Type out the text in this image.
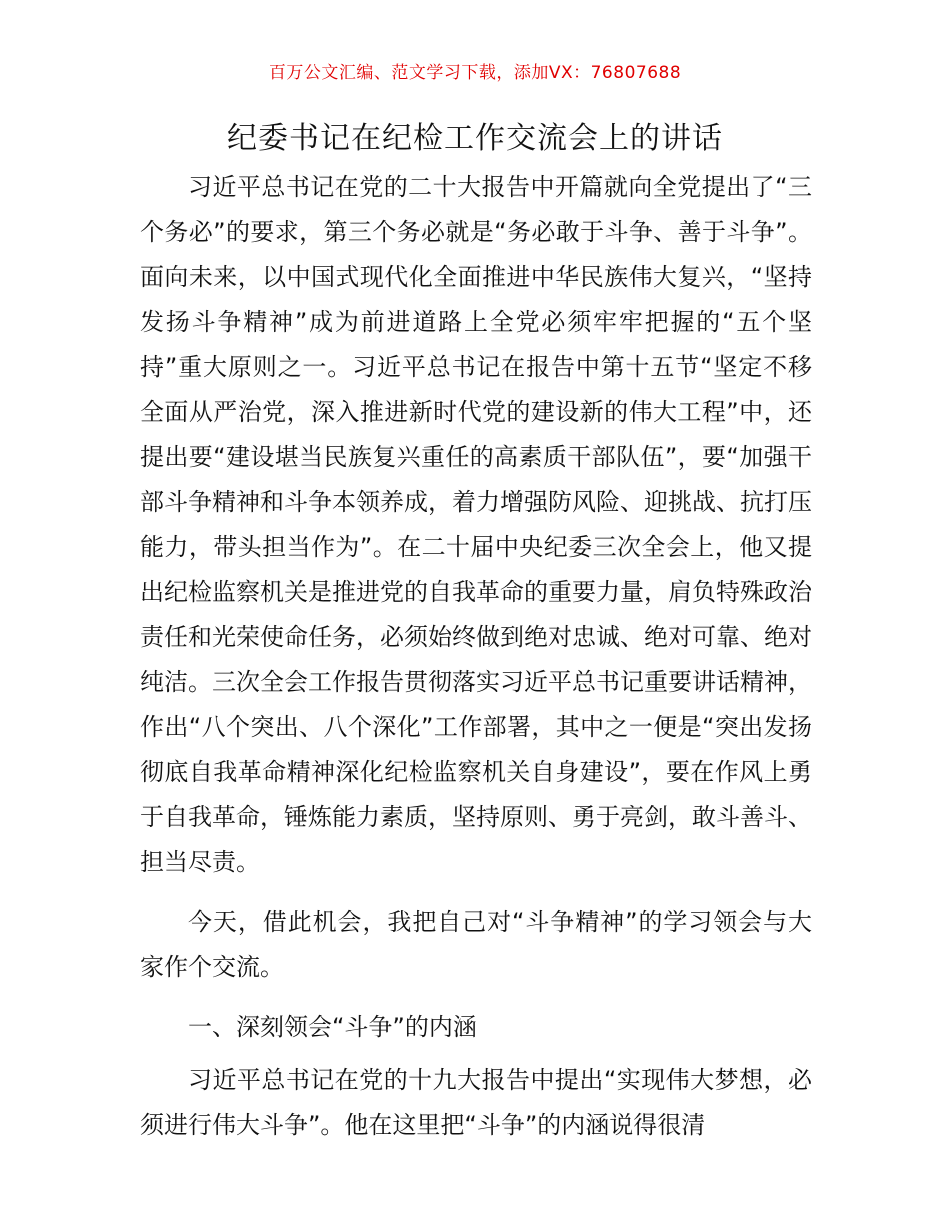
百万公文汇编、范文学习下载，添加VX：76807688
纪委书记在纪检工作交流会上的讲话

习近平总书记在党的二十大报告中开篇就向全党提出了“三个务必”的要求，第三个务必就是“务必敢于斗争、善于斗争”。面向未来，以中国式现代化全面推进中华民族伟大复兴，“坚持发扬斗争精神”成为前进道路上全党必须牢牢把握的“五个坚持”重大原则之一。习近平总书记在报告中第十五节“坚定不移全面从严治党，深入推进新时代党的建设新的伟大工程”中，还提出要“建设堪当民族复兴重任的高素质干部队伍”，要“加强干部斗争精神和斗争本领养成，着力增强防风险、迎挑战、抗打压能力，带头担当作为”。在二十届中央纪委三次全会上，他又提出纪检监察机关是推进党的自我革命的重要力量，肩负特殊政治责任和光荣使命任务，必须始终做到绝对忠诚、绝对可靠、绝对纯洁。三次全会工作报告贯彻落实习近平总书记重要讲话精神，作出“八个突出、八个深化”工作部署，其中之一便是“突出发扬彻底自我革命精神深化纪检监察机关自身建设”，要在作风上勇于自我革命，锤炼能力素质，坚持原则、勇于亮剑，敢斗善斗、担当尽责。

今天，借此机会，我把自己对“斗争精神”的学习领会与大家作个交流。

一、深刻领会“斗争”的内涵

习近平总书记在党的十九大报告中提出“实现伟大梦想，必须进行伟大斗争”。他在这里把“斗争”的内涵说得很清
